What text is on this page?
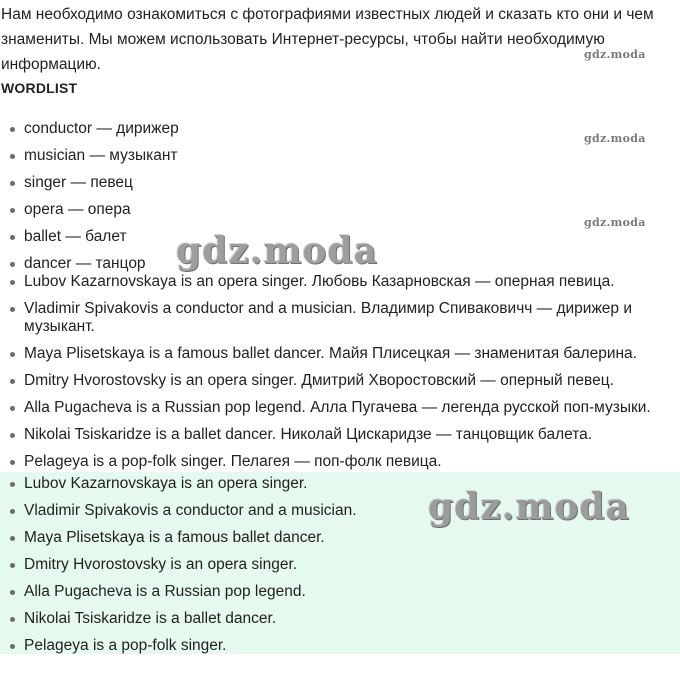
Нам необходимо ознакомиться с фотографиями известных людей и сказать кто они и чем знамениты. Мы можем использовать Интернет-ресурсы, чтобы найти необходимую информацию.

WORDLIST
conductor — дирижер
musician — музыкант
singer — певец
opera — опера
ballet — балет
dancer — танцор
Lubov Kazarnovskaya is an opera singer. Любовь Казарновская — оперная певица.
Vladimir Spivakovis a conductor and a musician. Владимир Спиваковичч — дирижер и музыкант.
Maya Plisetskaya is a famous ballet dancer. Майя Плисецкая — знаменитая балерина.
Dmitry Hvorostovsky is an opera singer. Дмитрий Хворостовский — оперный певец.
Alla Pugacheva is a Russian pop legend. Алла Пугачева — легенда русской поп-музыки.
Nikolai Tsiskaridze is a ballet dancer. Николай Цискаридзе — танцовщик балета.
Pelageya is a pop-folk singer. Пелагея — поп-фолк певица.
Lubov Kazarnovskaya is an opera singer.
Vladimir Spivakovis a conductor and a musician.
Maya Plisetskaya is a famous ballet dancer.
Dmitry Hvorostovsky is an opera singer.
Alla Pugacheva is a Russian pop legend.
Nikolai Tsiskaridze is a ballet dancer.
Pelageya is a pop-folk singer.
gdz.moda
gdz.moda
gdz.moda
gdz.moda
gdz.moda
